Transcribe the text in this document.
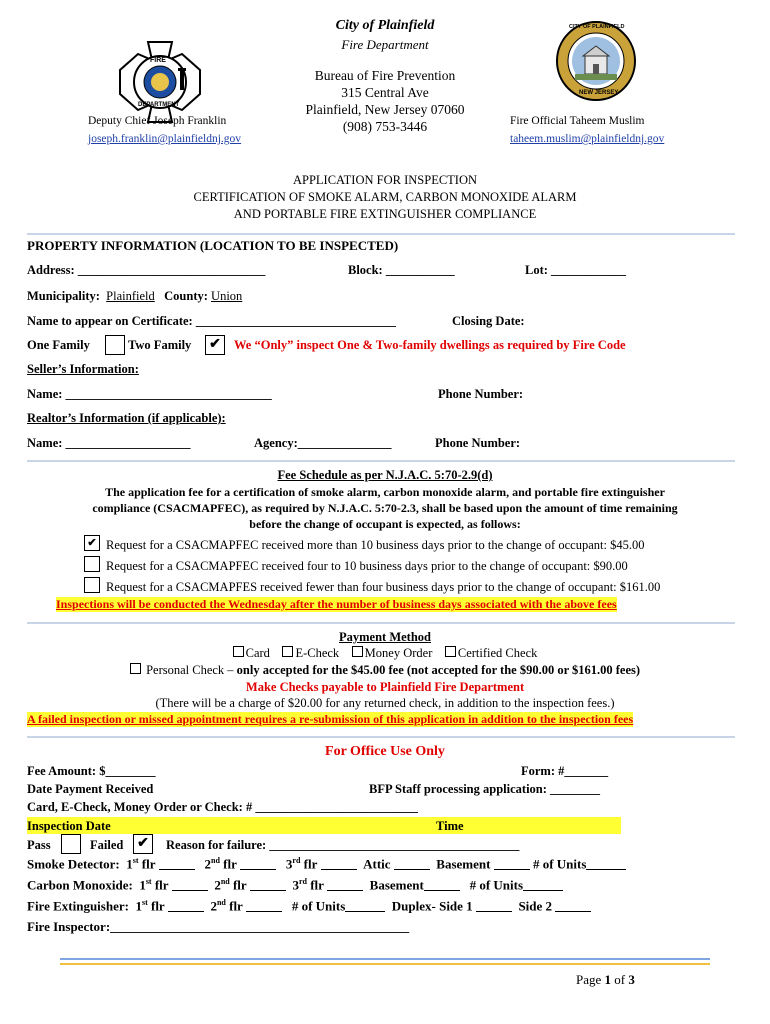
FIRE
DEPARTMENT
City of Plainfield
Fire Department
Bureau of Fire Prevention
315 Central Ave
Plainfield, New Jersey 07060
(908) 753-3446
Deputy Chief Joseph Franklin
joseph.franklin@plainfieldnj.gov
CITY OF PLAINFIELD
NEW JERSEY
Fire Official Taheem Muslim
taheem.muslim@plainfieldnj.gov
APPLICATION FOR INSPECTION
CERTIFICATION OF SMOKE ALARM, CARBON MONOXIDE ALARM
AND PORTABLE FIRE EXTINGUISHER COMPLIANCE
PROPERTY INFORMATION (LOCATION TO BE INSPECTED)
Address: ______________________________	Block: ___________	Lot: ____________
Municipality: Plainfield County: Union
Name to appear on Certificate: ________________________________	Closing Date:
One Family	Two Family ✔	We “Only” inspect One & Two-family dwellings as required by Fire Code
Seller’s Information:
Name: _________________________________	Phone Number:
Realtor’s Information (if applicable):
Name: ____________________	Agency:_______________	Phone Number:
Fee Schedule as per N.J.A.C. 5:70-2.9(d)
The application fee for a certification of smoke alarm, carbon monoxide alarm, and portable fire extinguisher
compliance (CSACMAPFEC), as required by N.J.A.C. 5:70-2.3, shall be based upon the amount of time remaining
before the change of occupant is expected, as follows:
✔ Request for a CSACMAPFEC received more than 10 business days prior to the change of occupant: $45.00
Request for a CSACMAPFEC received four to 10 business days prior to the change of occupant: $90.00
Request for a CSACMAPFES received fewer than four business days prior to the change of occupant: $161.00
Inspections will be conducted the Wednesday after the number of business days associated with the above fees
Payment Method
Card E-Check Money Order Certified Check
Personal Check – only accepted for the $45.00 fee (not accepted for the $90.00 or $161.00 fees)
Make Checks payable to Plainfield Fire Department
(There will be a charge of $20.00 for any returned check, in addition to the inspection fees.)
A failed inspection or missed appointment requires a re-submission of this application in addition to the inspection fees
For Office Use Only
Fee Amount: $________	Form: #_______
Date Payment Received	BFP Staff processing application: ________
Card, E-Check, Money Order or Check: # __________________________
Inspection Date	Time
Pass	Failed ✔	Reason for failure: ________________________________________
Smoke Detector: 1st flr	2nd flr	3rd flr	Attic	Basement	# of Units
Carbon Monoxide: 1st flr	2nd flr	3rd flr	Basement	# of Units
Fire Extinguisher: 1st flr	2nd flr	# of Units	Duplex- Side 1	Side 2
Fire Inspector:______________________________________________
Page 1 of 3
